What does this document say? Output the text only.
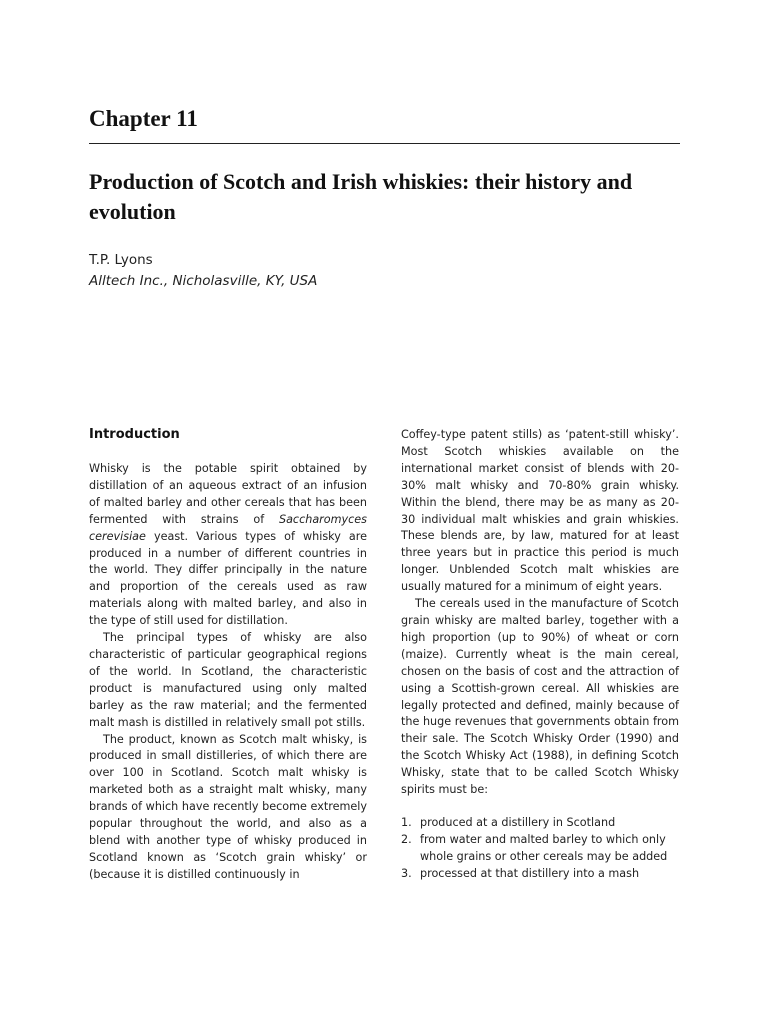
Chapter 11
Production of Scotch and Irish whiskies: their history and evolution
T.P. Lyons
Alltech Inc., Nicholasville, KY, USA
Introduction

Whisky is the potable spirit obtained by distillation of an aqueous extract of an infusion of malted barley and other cereals that has been fermented with strains of Saccharomyces cerevisiae yeast. Various types of whisky are produced in a number of different countries in the world. They differ principally in the nature and proportion of the cereals used as raw materials along with malted barley, and also in the type of still used for distillation.

The principal types of whisky are also characteristic of particular geographical regions of the world. In Scotland, the characteristic product is manufactured using only malted barley as the raw material; and the fermented malt mash is distilled in relatively small pot stills.

The product, known as Scotch malt whisky, is produced in small distilleries, of which there are over 100 in Scotland. Scotch malt whisky is marketed both as a straight malt whisky, many brands of which have recently become extremely popular throughout the world, and also as a blend with another type of whisky produced in Scotland known as ‘Scotch grain whisky’ or (because it is distilled continuously in

Coffey-type patent stills) as ‘patent-still whisky’. Most Scotch whiskies available on the international market consist of blends with 20-30% malt whisky and 70-80% grain whisky. Within the blend, there may be as many as 20-30 individual malt whiskies and grain whiskies. These blends are, by law, matured for at least three years but in practice this period is much longer. Unblended Scotch malt whiskies are usually matured for a minimum of eight years.

The cereals used in the manufacture of Scotch grain whisky are malted barley, together with a high proportion (up to 90%) of wheat or corn (maize). Currently wheat is the main cereal, chosen on the basis of cost and the attraction of using a Scottish-grown cereal. All whiskies are legally protected and defined, mainly because of the huge revenues that governments obtain from their sale. The Scotch Whisky Order (1990) and the Scotch Whisky Act (1988), in defining Scotch Whisky, state that to be called Scotch Whisky spirits must be:

1. produced at a distillery in Scotland
2. from water and malted barley to which only whole grains or other cereals may be added
3. processed at that distillery into a mash
